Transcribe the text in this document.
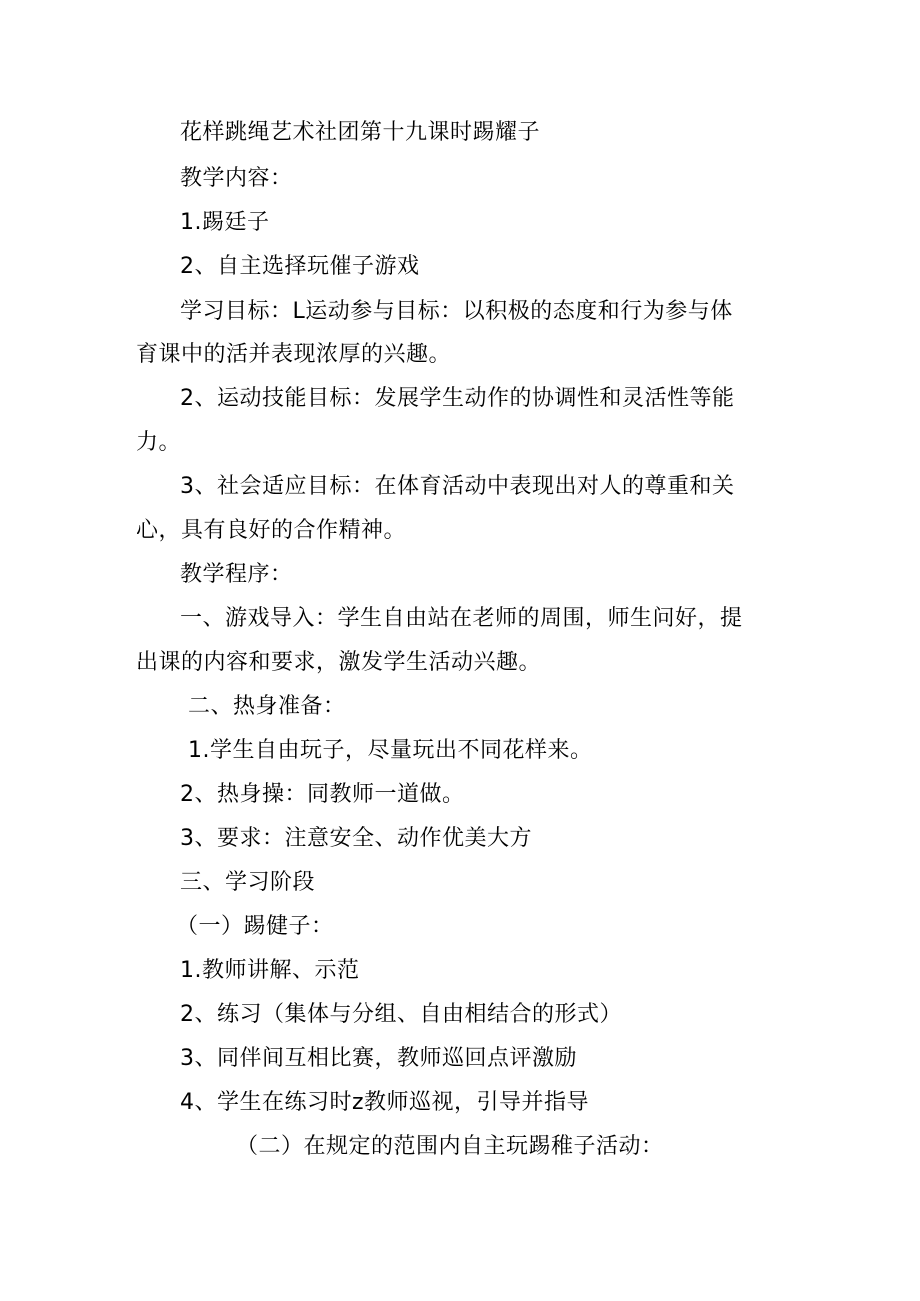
花样跳绳艺术社团第十九课时踢耀子
教学内容：
1.踢廷子
2、自主选择玩催子游戏
学习目标：L运动参与目标：以积极的态度和行为参与体
育课中的活并表现浓厚的兴趣。
2、运动技能目标：发展学生动作的协调性和灵活性等能
力。
3、社会适应目标：在体育活动中表现出对人的尊重和关
心，具有良好的合作精神。
教学程序：
一、游戏导入：学生自由站在老师的周围，师生问好，提
出课的内容和要求，激发学生活动兴趣。
二、热身准备：
1.学生自由玩子，尽量玩出不同花样来。
2、热身操：同教师一道做。
3、要求：注意安全、动作优美大方
三、学习阶段
（一）踢健子：
1.教师讲解、示范
2、练习（集体与分组、自由相结合的形式）
3、同伴间互相比赛，教师巡回点评激励
4、学生在练习时z教师巡视，引导并指导
（二）在规定的范围内自主玩踢稚子活动：
